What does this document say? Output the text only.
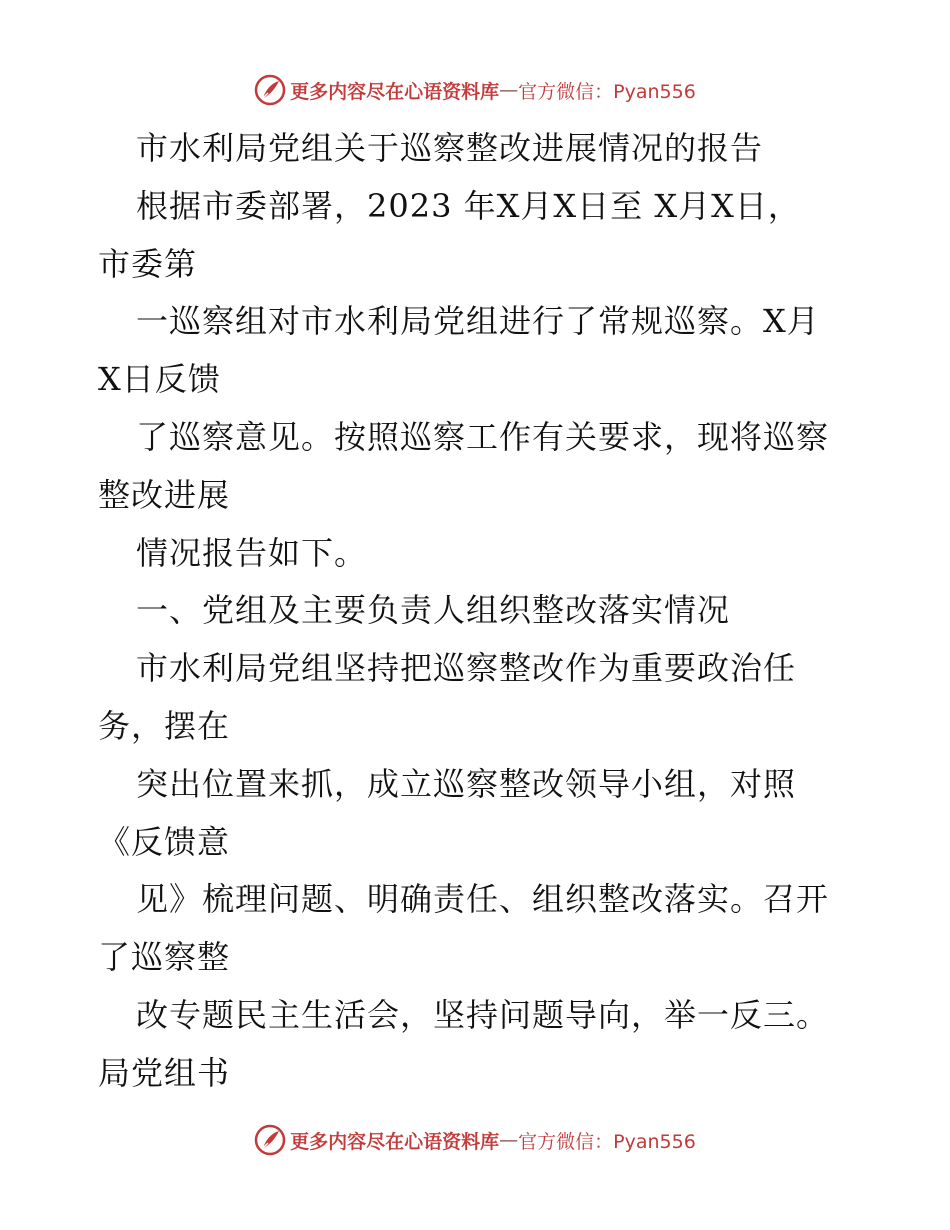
更多内容尽在心语资料库 — 官方微信：Pyan556
市水利局党组关于巡察整改进展情况的报告
根据市委部署，2023 年X月X日至 X月X日，
市委第
一巡察组对市水利局党组进行了常规巡察。X月
X日反馈
了巡察意见。按照巡察工作有关要求，现将巡察
整改进展
情况报告如下。
一、党组及主要负责人组织整改落实情况
市水利局党组坚持把巡察整改作为重要政治任
务，摆在
突出位置来抓，成立巡察整改领导小组，对照
《反馈意
见》梳理问题、明确责任、组织整改落实。召开
了巡察整
改专题民主生活会，坚持问题导向，举一反三。
局党组书
更多内容尽在心语资料库 — 官方微信：Pyan556
